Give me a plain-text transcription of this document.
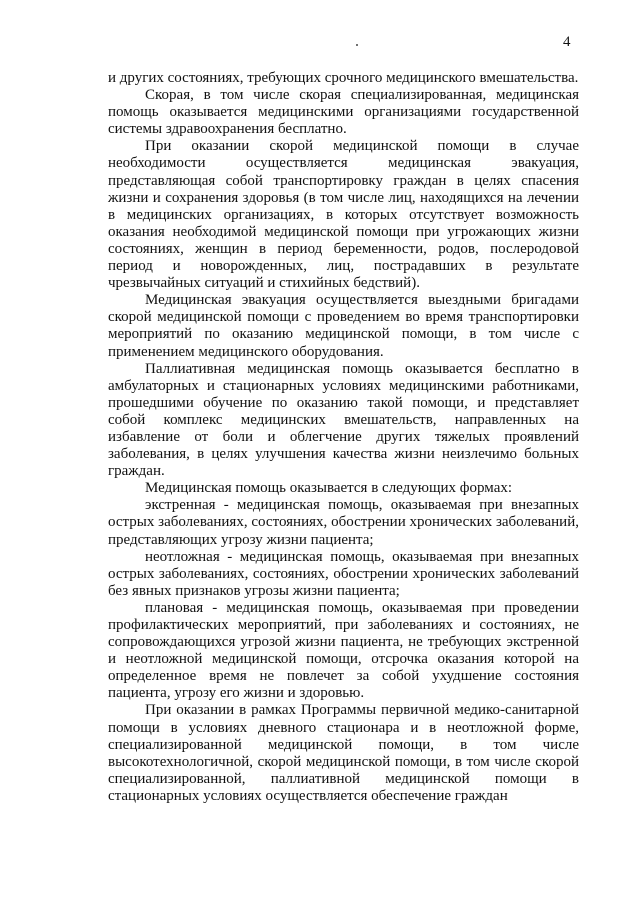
4

и других состояниях, требующих срочного медицинского вмешательства.

Скорая, в том числе скорая специализированная, медицинская помощь оказывается медицинскими организациями государственной системы здравоохранения бесплатно.

При оказании скорой медицинской помощи в случае необходимости осуществляется медицинская эвакуация, представляющая собой транспортировку граждан в целях спасения жизни и сохранения здоровья (в том числе лиц, находящихся на лечении в медицинских организациях, в которых отсутствует возможность оказания необходимой медицинской помощи при угрожающих жизни состояниях, женщин в период беременности, родов, послеродовой период и новорожденных, лиц, пострадавших в результате чрезвычайных ситуаций и стихийных бедствий).

Медицинская эвакуация осуществляется выездными бригадами скорой медицинской помощи с проведением во время транспортировки мероприятий по оказанию медицинской помощи, в том числе с применением медицинского оборудования.

Паллиативная медицинская помощь оказывается бесплатно в амбулаторных и стационарных условиях медицинскими работниками, прошедшими обучение по оказанию такой помощи, и представляет собой комплекс медицинских вмешательств, направленных на избавление от боли и облегчение других тяжелых проявлений заболевания, в целях улучшения качества жизни неизлечимо больных граждан.

Медицинская помощь оказывается в следующих формах:

экстренная - медицинская помощь, оказываемая при внезапных острых заболеваниях, состояниях, обострении хронических заболеваний, представляющих угрозу жизни пациента;

неотложная - медицинская помощь, оказываемая при внезапных острых заболеваниях, состояниях, обострении хронических заболеваний без явных признаков угрозы жизни пациента;

плановая - медицинская помощь, оказываемая при проведении профилактических мероприятий, при заболеваниях и состояниях, не сопровождающихся угрозой жизни пациента, не требующих экстренной и неотложной медицинской помощи, отсрочка оказания которой на определенное время не повлечет за собой ухудшение состояния пациента, угрозу его жизни и здоровью.

При оказании в рамках Программы первичной медико-санитарной помощи в условиях дневного стационара и в неотложной форме, специализированной медицинской помощи, в том числе высокотехнологичной, скорой медицинской помощи, в том числе скорой специализированной, паллиативной медицинской помощи в стационарных условиях осуществляется обеспечение граждан
